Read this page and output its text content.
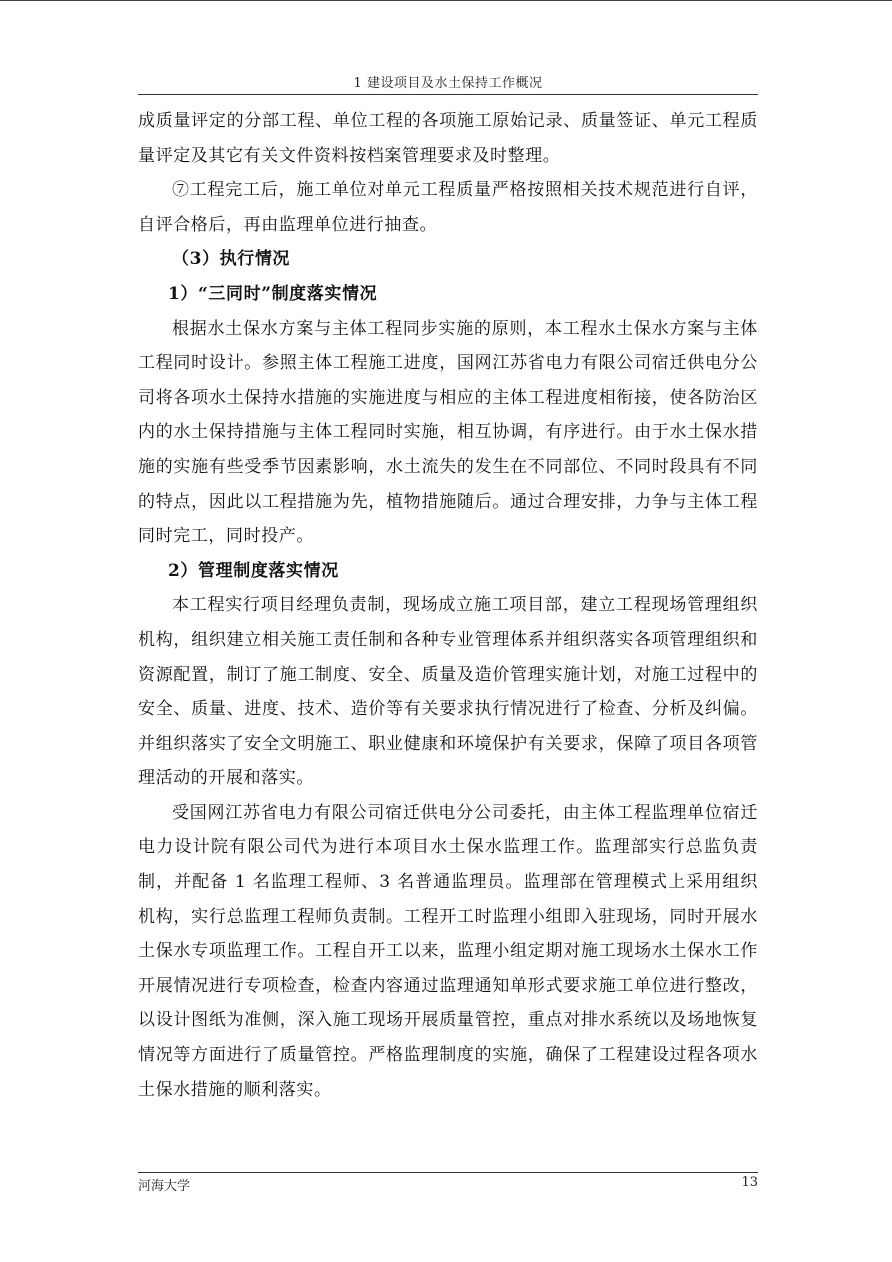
1 建设项目及水土保持工作概况

成质量评定的分部工程、单位工程的各项施工原始记录、质量签证、单元工程质量评定及其它有关文件资料按档案管理要求及时整理。

⑦工程完工后，施工单位对单元工程质量严格按照相关技术规范进行自评，自评合格后，再由监理单位进行抽查。

（3）执行情况

1）“三同时”制度落实情况

根据水土保水方案与主体工程同步实施的原则，本工程水土保水方案与主体工程同时设计。参照主体工程施工进度，国网江苏省电力有限公司宿迁供电分公司将各项水土保持水措施的实施进度与相应的主体工程进度相衔接，使各防治区内的水土保持措施与主体工程同时实施，相互协调，有序进行。由于水土保水措施的实施有些受季节因素影响，水土流失的发生在不同部位、不同时段具有不同的特点，因此以工程措施为先，植物措施随后。通过合理安排，力争与主体工程同时完工，同时投产。

2）管理制度落实情况

本工程实行项目经理负责制，现场成立施工项目部，建立工程现场管理组织机构，组织建立相关施工责任制和各种专业管理体系并组织落实各项管理组织和资源配置，制订了施工制度、安全、质量及造价管理实施计划，对施工过程中的安全、质量、进度、技术、造价等有关要求执行情况进行了检查、分析及纠偏。并组织落实了安全文明施工、职业健康和环境保护有关要求，保障了项目各项管理活动的开展和落实。

受国网江苏省电力有限公司宿迁供电分公司委托，由主体工程监理单位宿迁电力设计院有限公司代为进行本项目水土保水监理工作。监理部实行总监负责制，并配备 1 名监理工程师、3 名普通监理员。监理部在管理模式上采用组织机构，实行总监理工程师负责制。工程开工时监理小组即入驻现场，同时开展水土保水专项监理工作。工程自开工以来，监理小组定期对施工现场水土保水工作开展情况进行专项检查，检查内容通过监理通知单形式要求施工单位进行整改，以设计图纸为准侧，深入施工现场开展质量管控，重点对排水系统以及场地恢复情况等方面进行了质量管控。严格监理制度的实施，确保了工程建设过程各项水土保水措施的顺利落实。

河海大学	13
